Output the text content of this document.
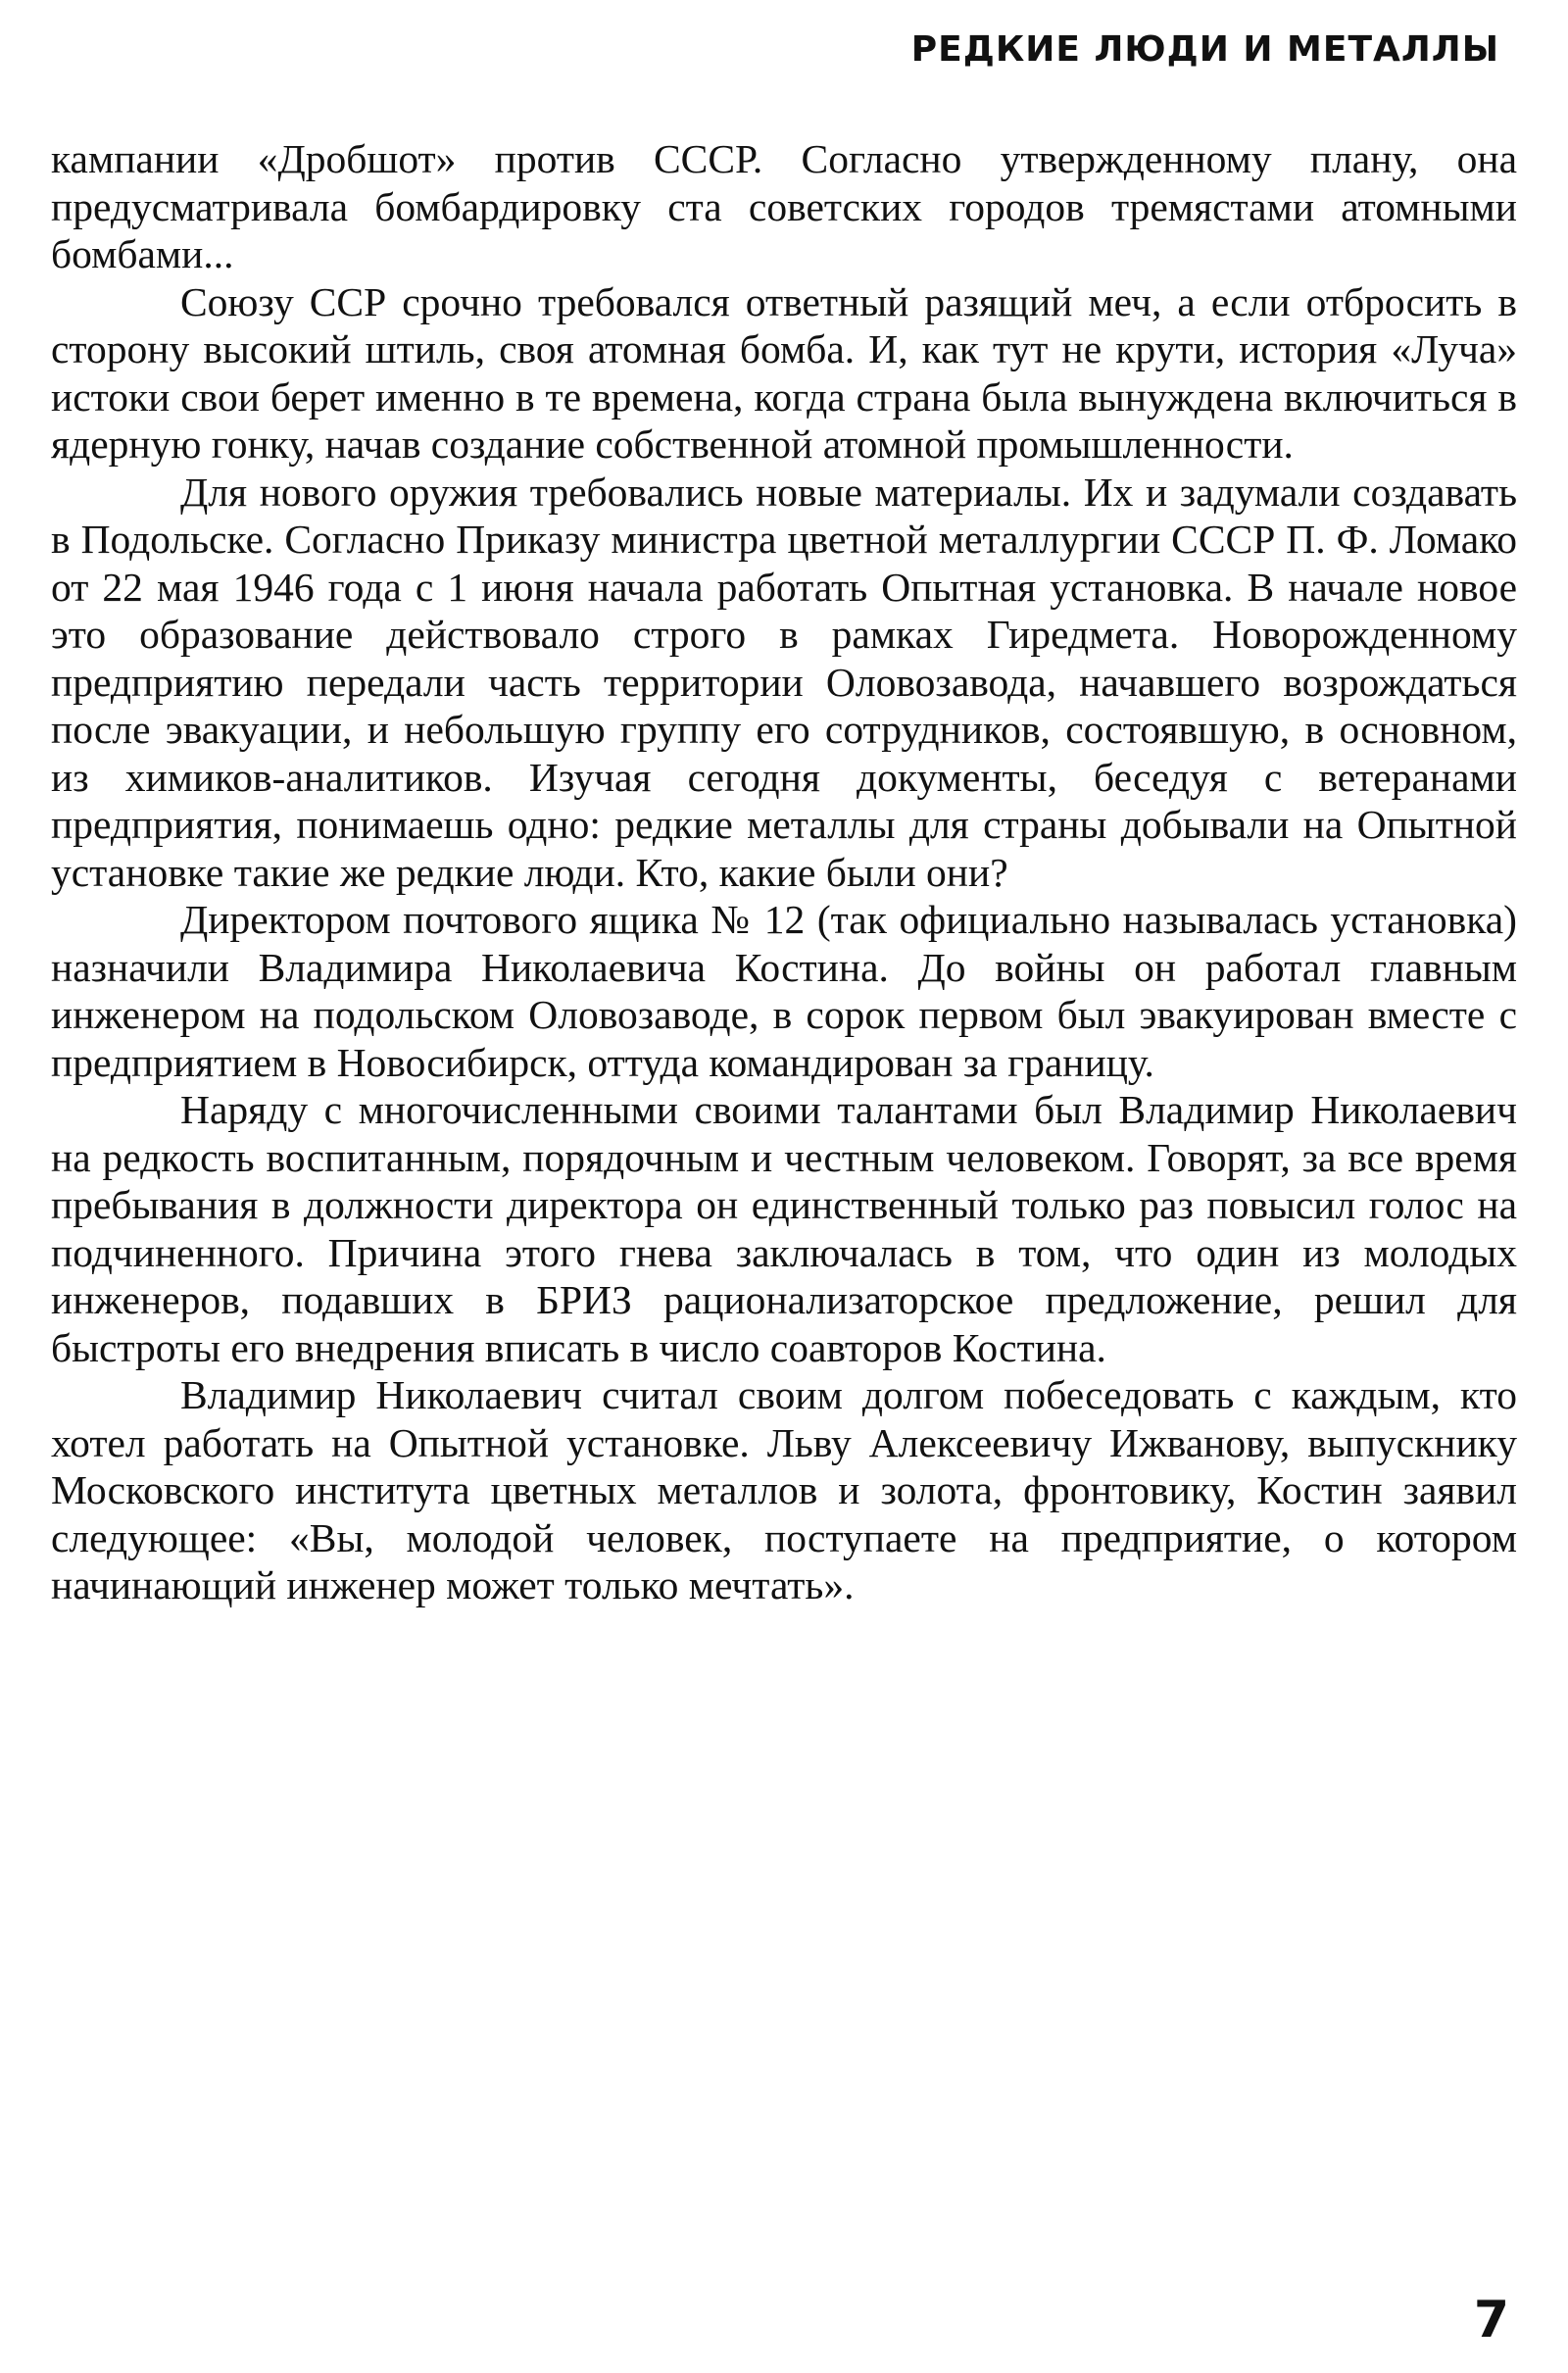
РЕДКИЕ ЛЮДИ И МЕТАЛЛЫ

кампании «Дробшот» против СССР. Согласно утвержденному плану, она предусматривала бомбардировку ста советских городов тремястами атомными бомбами...

Союзу ССР срочно требовался ответный разящий меч, а если отбросить в сторону высокий штиль, своя атомная бомба. И, как тут не крути, история «Луча» истоки свои берет именно в те времена, когда страна была вынуждена включиться в ядерную гонку, начав создание собственной атомной промышленности.

Для нового оружия требовались новые материалы. Их и задумали создавать в Подольске. Согласно Приказу министра цветной металлургии СССР П. Ф. Ломако от 22 мая 1946 года с 1 июня начала работать Опытная установка. В начале новое это образование действовало строго в рамках Гиредмета. Новорожденному предприятию передали часть территории Оловозавода, начавшего возрождаться после эвакуации, и небольшую группу его сотрудников, состоявшую, в основном, из химиков-аналитиков. Изучая сегодня документы, беседуя с ветеранами предприятия, понимаешь одно: редкие металлы для страны добывали на Опытной установке такие же редкие люди. Кто, какие были они?

Директором почтового ящика № 12 (так официально называлась установка) назначили Владимира Николаевича Костина. До войны он работал главным инженером на подольском Оловозаводе, в сорок первом был эвакуирован вместе с предприятием в Новосибирск, оттуда командирован за границу.

Наряду с многочисленными своими талантами был Владимир Николаевич на редкость воспитанным, порядочным и честным человеком. Говорят, за все время пребывания в должности директора он единственный только раз повысил голос на подчиненного. Причина этого гнева заключалась в том, что один из молодых инженеров, подавших в БРИЗ рационализаторское предложение, решил для быстроты его внедрения вписать в число соавторов Костина.

Владимир Николаевич считал своим долгом побеседовать с каждым, кто хотел работать на Опытной установке. Льву Алексеевичу Ижванову, выпускнику Московского института цветных металлов и золота, фронтовику, Костин заявил следующее: «Вы, молодой человек, поступаете на предприятие, о котором начинающий инженер может только мечтать».

7
